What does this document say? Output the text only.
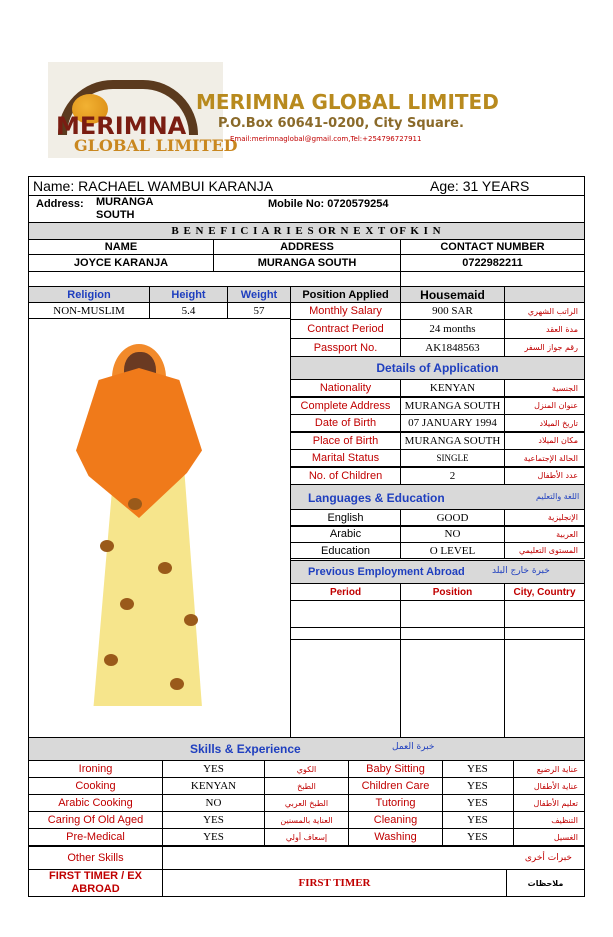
MERIMNA
GLOBAL LIMITED
MERIMNA GLOBAL LIMITED
P.O.Box 60641-0200, City Square.
Email:merimnaglobal@gmail.com,Tel:+254796727911
Name:
RACHAEL WAMBUI KARANJA	Age: 31 YEARS
Address: MURANGA
SOUTH
Mobile No: 0720579254
B E N E F I C I A R I E S OR N E X T OF K I N
NAME	ADDRESS	CONTACT NUMBER
JOYCE KARANJA	MURANGA SOUTH	0722982211
Religion	Height	Weight	Position Applied	Housemaid
NON-MUSLIM	5.4	57	Monthly Salary	900 SAR	الراتب الشهري
Contract Period	24 months	مدة العقد
Passport No.	AK1848563	رقم جواز السفر
Details of Application
Nationality	KENYAN	الجنسية
Complete Address	MURANGA SOUTH	عنوان المنزل
Date of Birth	07 JANUARY 1994	تاريخ الميلاد
Place of Birth	MURANGA SOUTH	مكان الميلاد
Marital Status	SINGLE	الحالة الإجتماعية
No. of Children	2	عدد الأطفال
Languages & Education	اللغة والتعليم
English	GOOD	الإنجليزية
Arabic	NO	العربية
Education	O LEVEL	المستوى التعليمي
Previous Employment Abroad	خبرة خارج البلد
Period	Position	City, Country
Skills & Experience	خبرة العمل
Ironing	YES	الكوي	Baby Sitting	YES	عناية الرضيع
Cooking	KENYAN	الطبخ	Children Care	YES	عناية الأطفال
Arabic Cooking	NO	الطبخ العربي	Tutoring	YES	تعليم الأطفال
Caring Of Old Aged	YES	العناية بالمسنين	Cleaning	YES	التنظيف
Pre-Medical	YES	إسعاف أولي	Washing	YES	الغسيل
Other Skills	خبرات أخرى
FIRST TIMER / EX ABROAD	FIRST TIMER	ملاحظات
